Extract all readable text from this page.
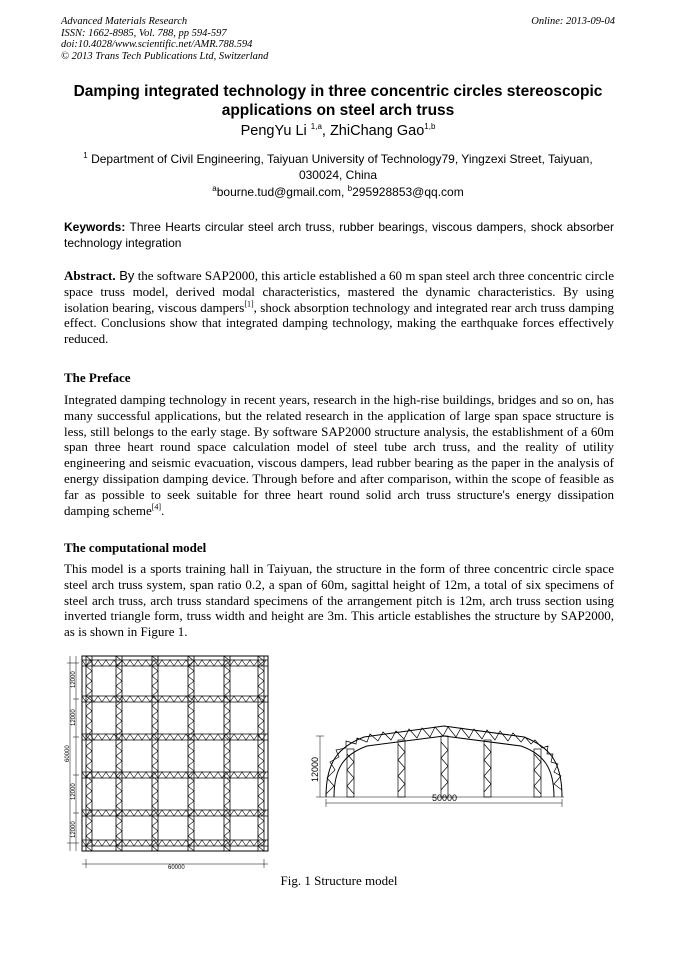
Advanced Materials Research
ISSN: 1662-8985, Vol. 788, pp 594-597
doi:10.4028/www.scientific.net/AMR.788.594
© 2013 Trans Tech Publications Ltd, Switzerland
Online: 2013-09-04
Damping integrated technology in three concentric circles stereoscopic applications on steel arch truss
PengYu Li $^{1,a}$, ZhiChang Gao$^{1,b}$
$^1$ Department of Civil Engineering, Taiyuan University of Technology79, Yingzexi Street, Taiyuan, 030024, China
$^a$bourne.tud@gmail.com, $^b$295928853@qq.com
Keywords: Three Hearts circular steel arch truss, rubber bearings, viscous dampers, shock absorber technology integration
Abstract. By the software SAP2000, this article established a 60 m span steel arch three concentric circle space truss model, derived modal characteristics, mastered the dynamic characteristics. By using isolation bearing, viscous dampers[1], shock absorption technology and integrated rear arch truss damping effect. Conclusions show that integrated damping technology, making the earthquake forces effectively reduced.
The Preface
Integrated damping technology in recent years, research in the high-rise buildings, bridges and so on, has many successful applications, but the related research in the application of large span space structure is less, still belongs to the early stage. By software SAP2000 structure analysis, the establishment of a 60m span three heart round space calculation model of steel tube arch truss, and the reality of utility engineering and seismic evacuation, viscous dampers, lead rubber bearing as the paper in the analysis of energy dissipation damping device. Through before and after comparison, within the scope of feasible as far as possible to seek suitable for three heart round solid arch truss structure's energy dissipation damping scheme[4].
The computational model
This model is a sports training hall in Taiyuan, the structure in the form of three concentric circle space steel arch truss system, span ratio 0.2, a span of 60m, sagittal height of 12m, a total of six specimens of steel arch truss, arch truss standard specimens of the arrangement pitch is 12m, arch truss section using inverted triangle form, truss width and height are 3m. This article establishes the structure by SAP2000, as is shown in Figure 1.
12000
12000
12000
12000
60000
60000
12000
50000
Fig. 1 Structure model
